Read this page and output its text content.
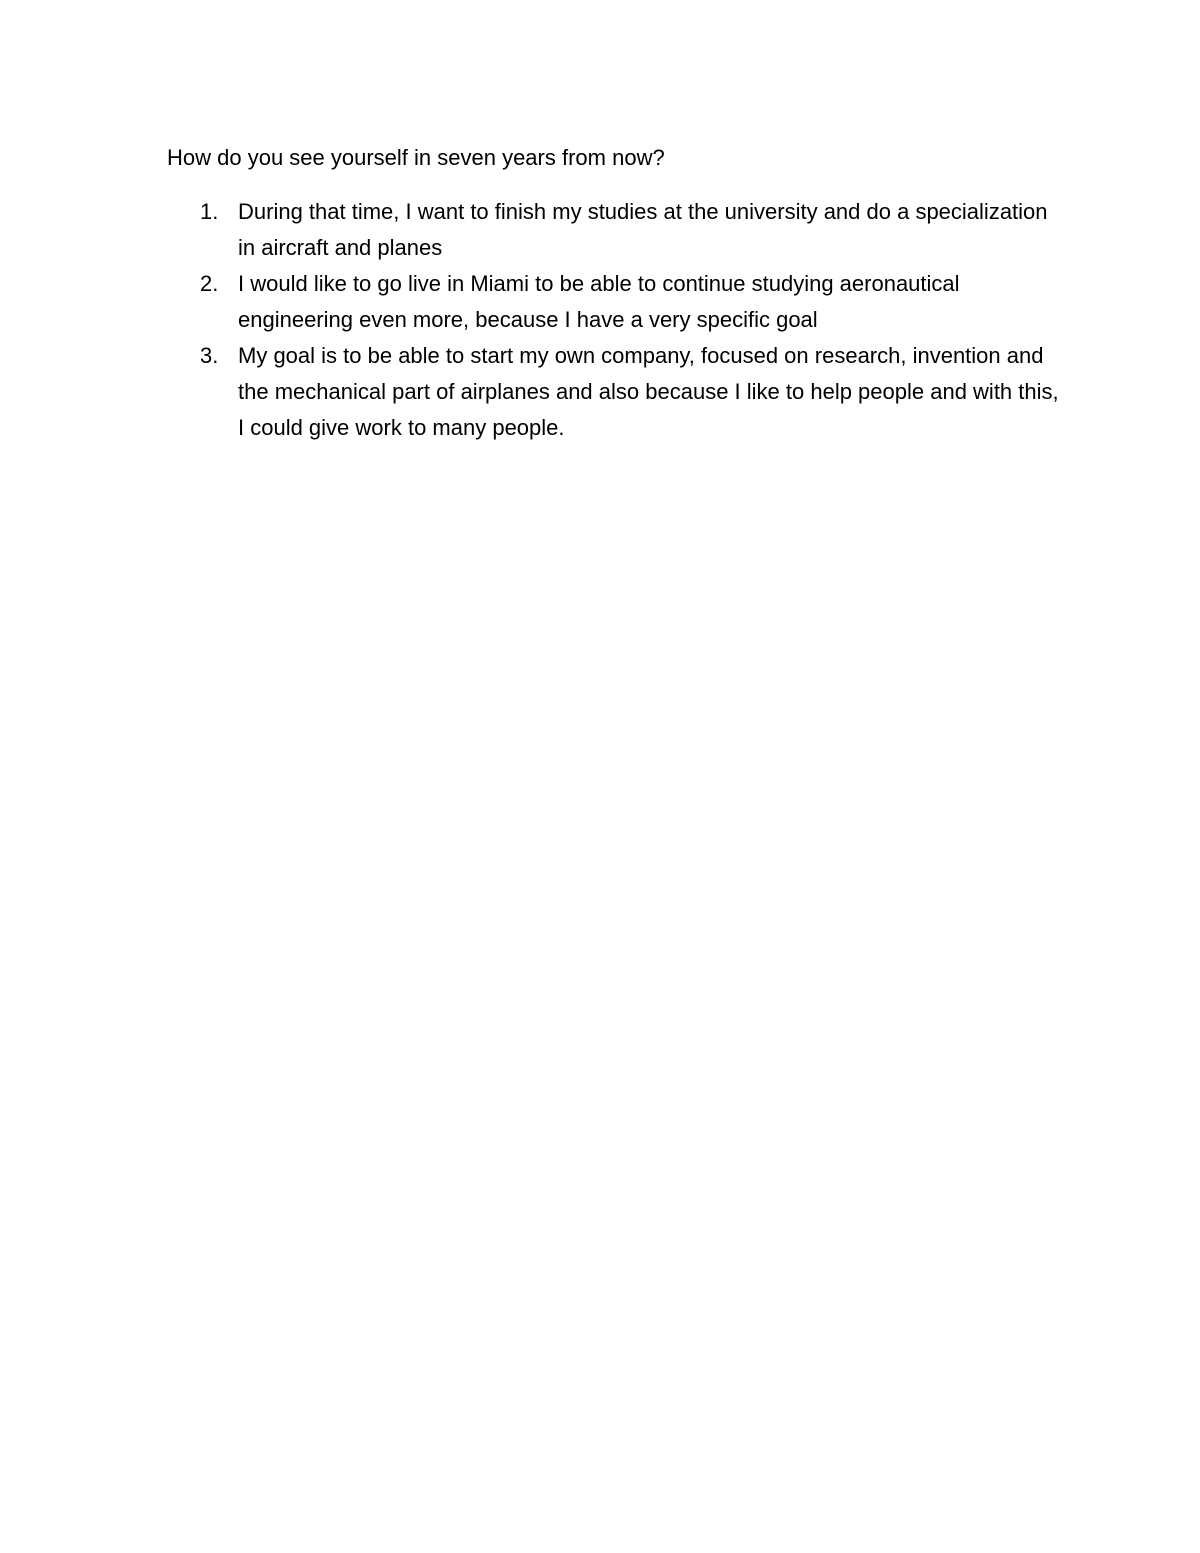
How do you see yourself in seven years from now?

1. During that time, I want to finish my studies at the university and do a specialization in aircraft and planes
2. I would like to go live in Miami to be able to continue studying aeronautical engineering even more, because I have a very specific goal
3. My goal is to be able to start my own company, focused on research, invention and the mechanical part of airplanes and also because I like to help people and with this, I could give work to many people.
